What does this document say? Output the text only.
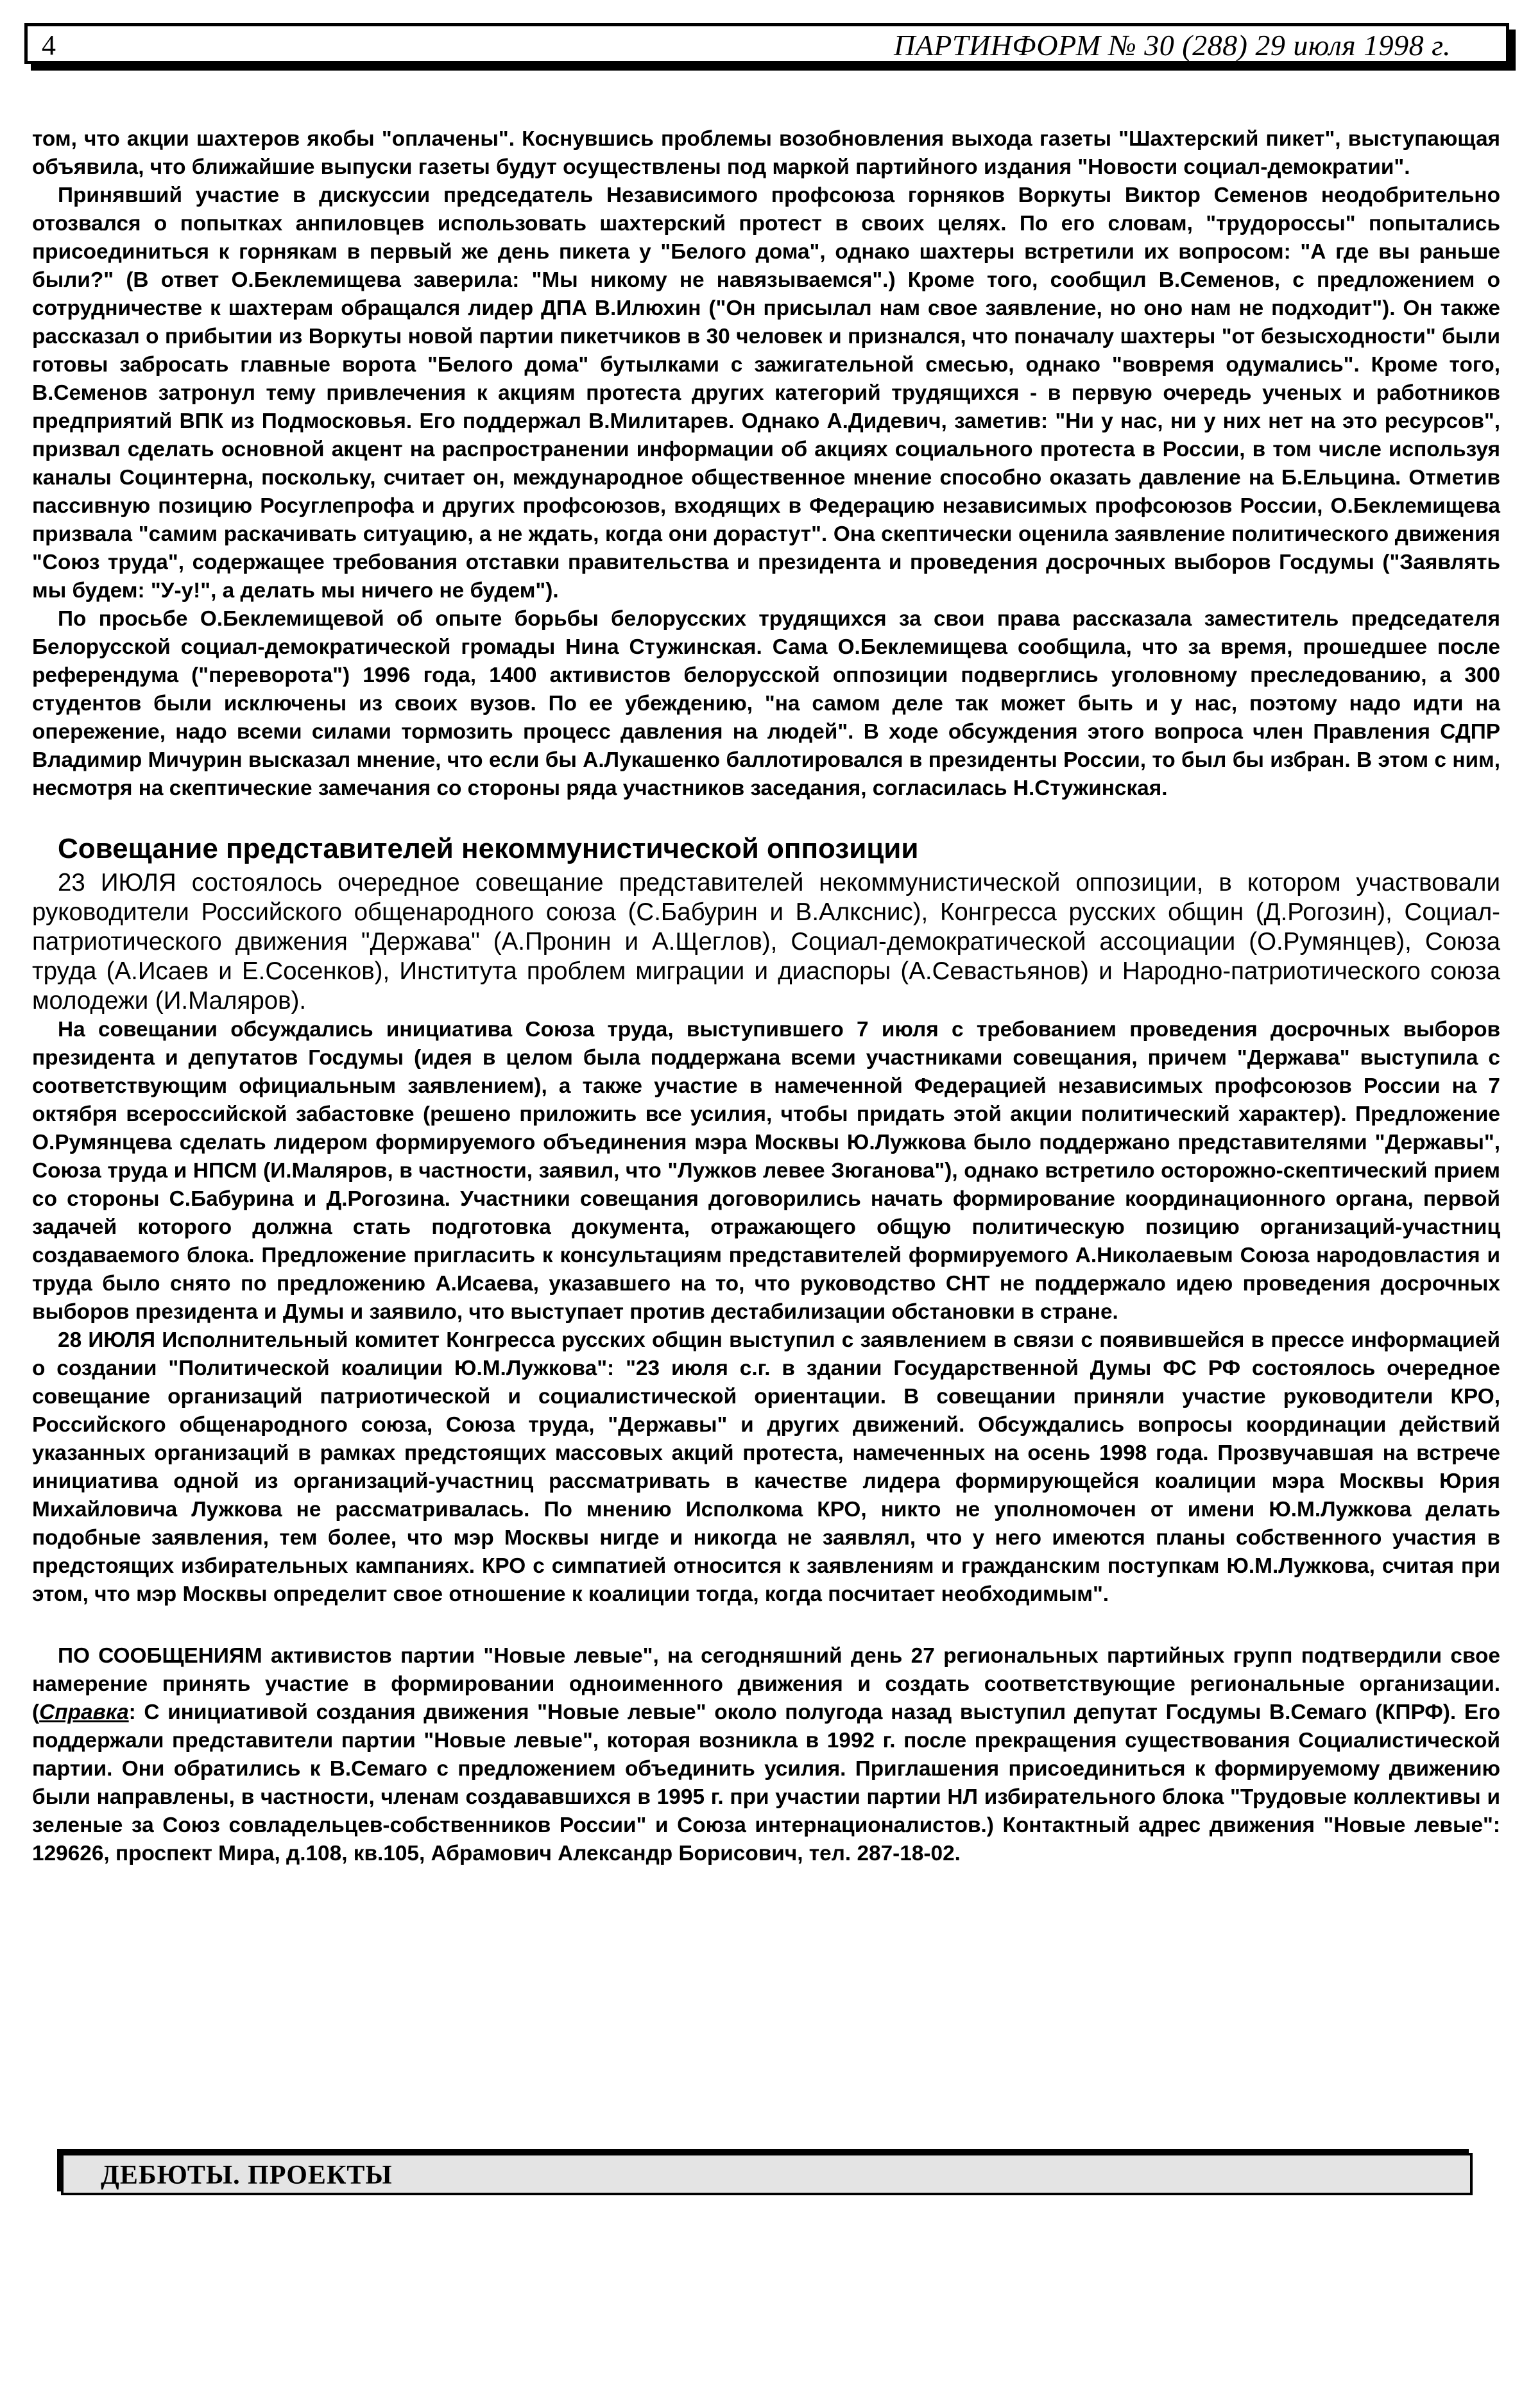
4	ПАРТИНФОРМ № 30 (288) 29 июля 1998 г.

том, что акции шахтеров якобы "оплачены". Коснувшись проблемы возобновления выхода газеты "Шахтерский пикет", выступающая объявила, что ближайшие выпуски газеты будут осуществлены под маркой партийного издания "Новости социал-демократии".

Принявший участие в дискуссии председатель Независимого профсоюза горняков Воркуты Виктор Семенов неодобрительно отозвался о попытках анпиловцев использовать шахтерский протест в своих целях. По его словам, "трудороссы" попытались присоединиться к горнякам в первый же день пикета у "Белого дома", однако шахтеры встретили их вопросом: "А где вы раньше были?" (В ответ О.Беклемищева заверила: "Мы никому не навязываемся".) Кроме того, сообщил В.Семенов, с предложением о сотрудничестве к шахтерам обращался лидер ДПА В.Илюхин ("Он присылал нам свое заявление, но оно нам не подходит"). Он также рассказал о прибытии из Воркуты новой партии пикетчиков в 30 человек и признался, что поначалу шахтеры "от безысходности" были готовы забросать главные ворота "Белого дома" бутылками с зажигательной смесью, однако "вовремя одумались". Кроме того, В.Семенов затронул тему привлечения к акциям протеста других категорий трудящихся - в первую очередь ученых и работников предприятий ВПК из Подмосковья. Его поддержал В.Милитарев. Однако А.Дидевич, заметив: "Ни у нас, ни у них нет на это ресурсов", призвал сделать основной акцент на распространении информации об акциях социального протеста в России, в том числе используя каналы Социнтерна, поскольку, считает он, международное общественное мнение способно оказать давление на Б.Ельцина. Отметив пассивную позицию Росуглепрофа и других профсоюзов, входящих в Федерацию независимых профсоюзов России, О.Беклемищева призвала "самим раскачивать ситуацию, а не ждать, когда они дорастут". Она скептически оценила заявление политического движения "Союз труда", содержащее требования отставки правительства и президента и проведения досрочных выборов Госдумы ("Заявлять мы будем: "У-у!", а делать мы ничего не будем").

По просьбе О.Беклемищевой об опыте борьбы белорусских трудящихся за свои права рассказала заместитель председателя Белорусской социал-демократической громады Нина Стужинская. Сама О.Беклемищева сообщила, что за время, прошедшее после референдума ("переворота") 1996 года, 1400 активистов белорусской оппозиции подверглись уголовному преследованию, а 300 студентов были исключены из своих вузов. По ее убеждению, "на самом деле так может быть и у нас, поэтому надо идти на опережение, надо всеми силами тормозить процесс давления на людей". В ходе обсуждения этого вопроса член Правления СДПР Владимир Мичурин высказал мнение, что если бы А.Лукашенко баллотировался в президенты России, то был бы избран. В этом с ним, несмотря на скептические замечания со стороны ряда участников заседания, согласилась Н.Стужинская.

Совещание представителей некоммунистической оппозиции

23 ИЮЛЯ состоялось очередное совещание представителей некоммунистической оппозиции, в котором участвовали руководители Российского общенародного союза (С.Бабурин и В.Алкснис), Конгресса русских общин (Д.Рогозин), Социал-патриотического движения "Держава" (А.Пронин и А.Щеглов), Социал-демократической ассоциации (О.Румянцев), Союза труда (А.Исаев и Е.Сосенков), Института проблем миграции и диаспоры (А.Севастьянов) и Народно-патриотического союза молодежи (И.Маляров).

На совещании обсуждались инициатива Союза труда, выступившего 7 июля с требованием проведения досрочных выборов президента и депутатов Госдумы (идея в целом была поддержана всеми участниками совещания, причем "Держава" выступила с соответствующим официальным заявлением), а также участие в намеченной Федерацией независимых профсоюзов России на 7 октября всероссийской забастовке (решено приложить все усилия, чтобы придать этой акции политический характер). Предложение О.Румянцева сделать лидером формируемого объединения мэра Москвы Ю.Лужкова было поддержано представителями "Державы", Союза труда и НПСМ (И.Маляров, в частности, заявил, что "Лужков левее Зюганова"), однако встретило осторожно-скептический прием со стороны С.Бабурина и Д.Рогозина. Участники совещания договорились начать формирование координационного органа, первой задачей которого должна стать подготовка документа, отражающего общую политическую позицию организаций-участниц создаваемого блока. Предложение пригласить к консультациям представителей формируемого А.Николаевым Союза народовластия и труда было снято по предложению А.Исаева, указавшего на то, что руководство СНТ не поддержало идею проведения досрочных выборов президента и Думы и заявило, что выступает против дестабилизации обстановки в стране.

28 ИЮЛЯ Исполнительный комитет Конгресса русских общин выступил с заявлением в связи с появившейся в прессе информацией о создании "Политической коалиции Ю.М.Лужкова": "23 июля с.г. в здании Государственной Думы ФС РФ состоялось очередное совещание организаций патриотической и социалистической ориентации. В совещании приняли участие руководители КРО, Российского общенародного союза, Союза труда, "Державы" и других движений. Обсуждались вопросы координации действий указанных организаций в рамках предстоящих массовых акций протеста, намеченных на осень 1998 года. Прозвучавшая на встрече инициатива одной из организаций-участниц рассматривать в качестве лидера формирующейся коалиции мэра Москвы Юрия Михайловича Лужкова не рассматривалась. По мнению Исполкома КРО, никто не уполномочен от имени Ю.М.Лужкова делать подобные заявления, тем более, что мэр Москвы нигде и никогда не заявлял, что у него имеются планы собственного участия в предстоящих избирательных кампаниях. КРО с симпатией относится к заявлениям и гражданским поступкам Ю.М.Лужкова, считая при этом, что мэр Москвы определит свое отношение к коалиции тогда, когда посчитает необходимым".

ПО СООБЩЕНИЯМ активистов партии "Новые левые", на сегодняшний день 27 региональных партийных групп подтвердили свое намерение принять участие в формировании одноименного движения и создать соответствующие региональные организации. (Справка: С инициативой создания движения "Новые левые" около полугода назад выступил депутат Госдумы В.Семаго (КПРФ). Его поддержали представители партии "Новые левые", которая возникла в 1992 г. после прекращения существования Социалистической партии. Они обратились к В.Семаго с предложением объединить усилия. Приглашения присоединиться к формируемому движению были направлены, в частности, членам создававшихся в 1995 г. при участии партии НЛ избирательного блока "Трудовые коллективы и зеленые за Союз совладельцев-собственников России" и Союза интернационалистов.) Контактный адрес движения "Новые левые": 129626, проспект Мира, д.108, кв.105, Абрамович Александр Борисович, тел. 287-18-02.

ДЕБЮТЫ. ПРОЕКТЫ
